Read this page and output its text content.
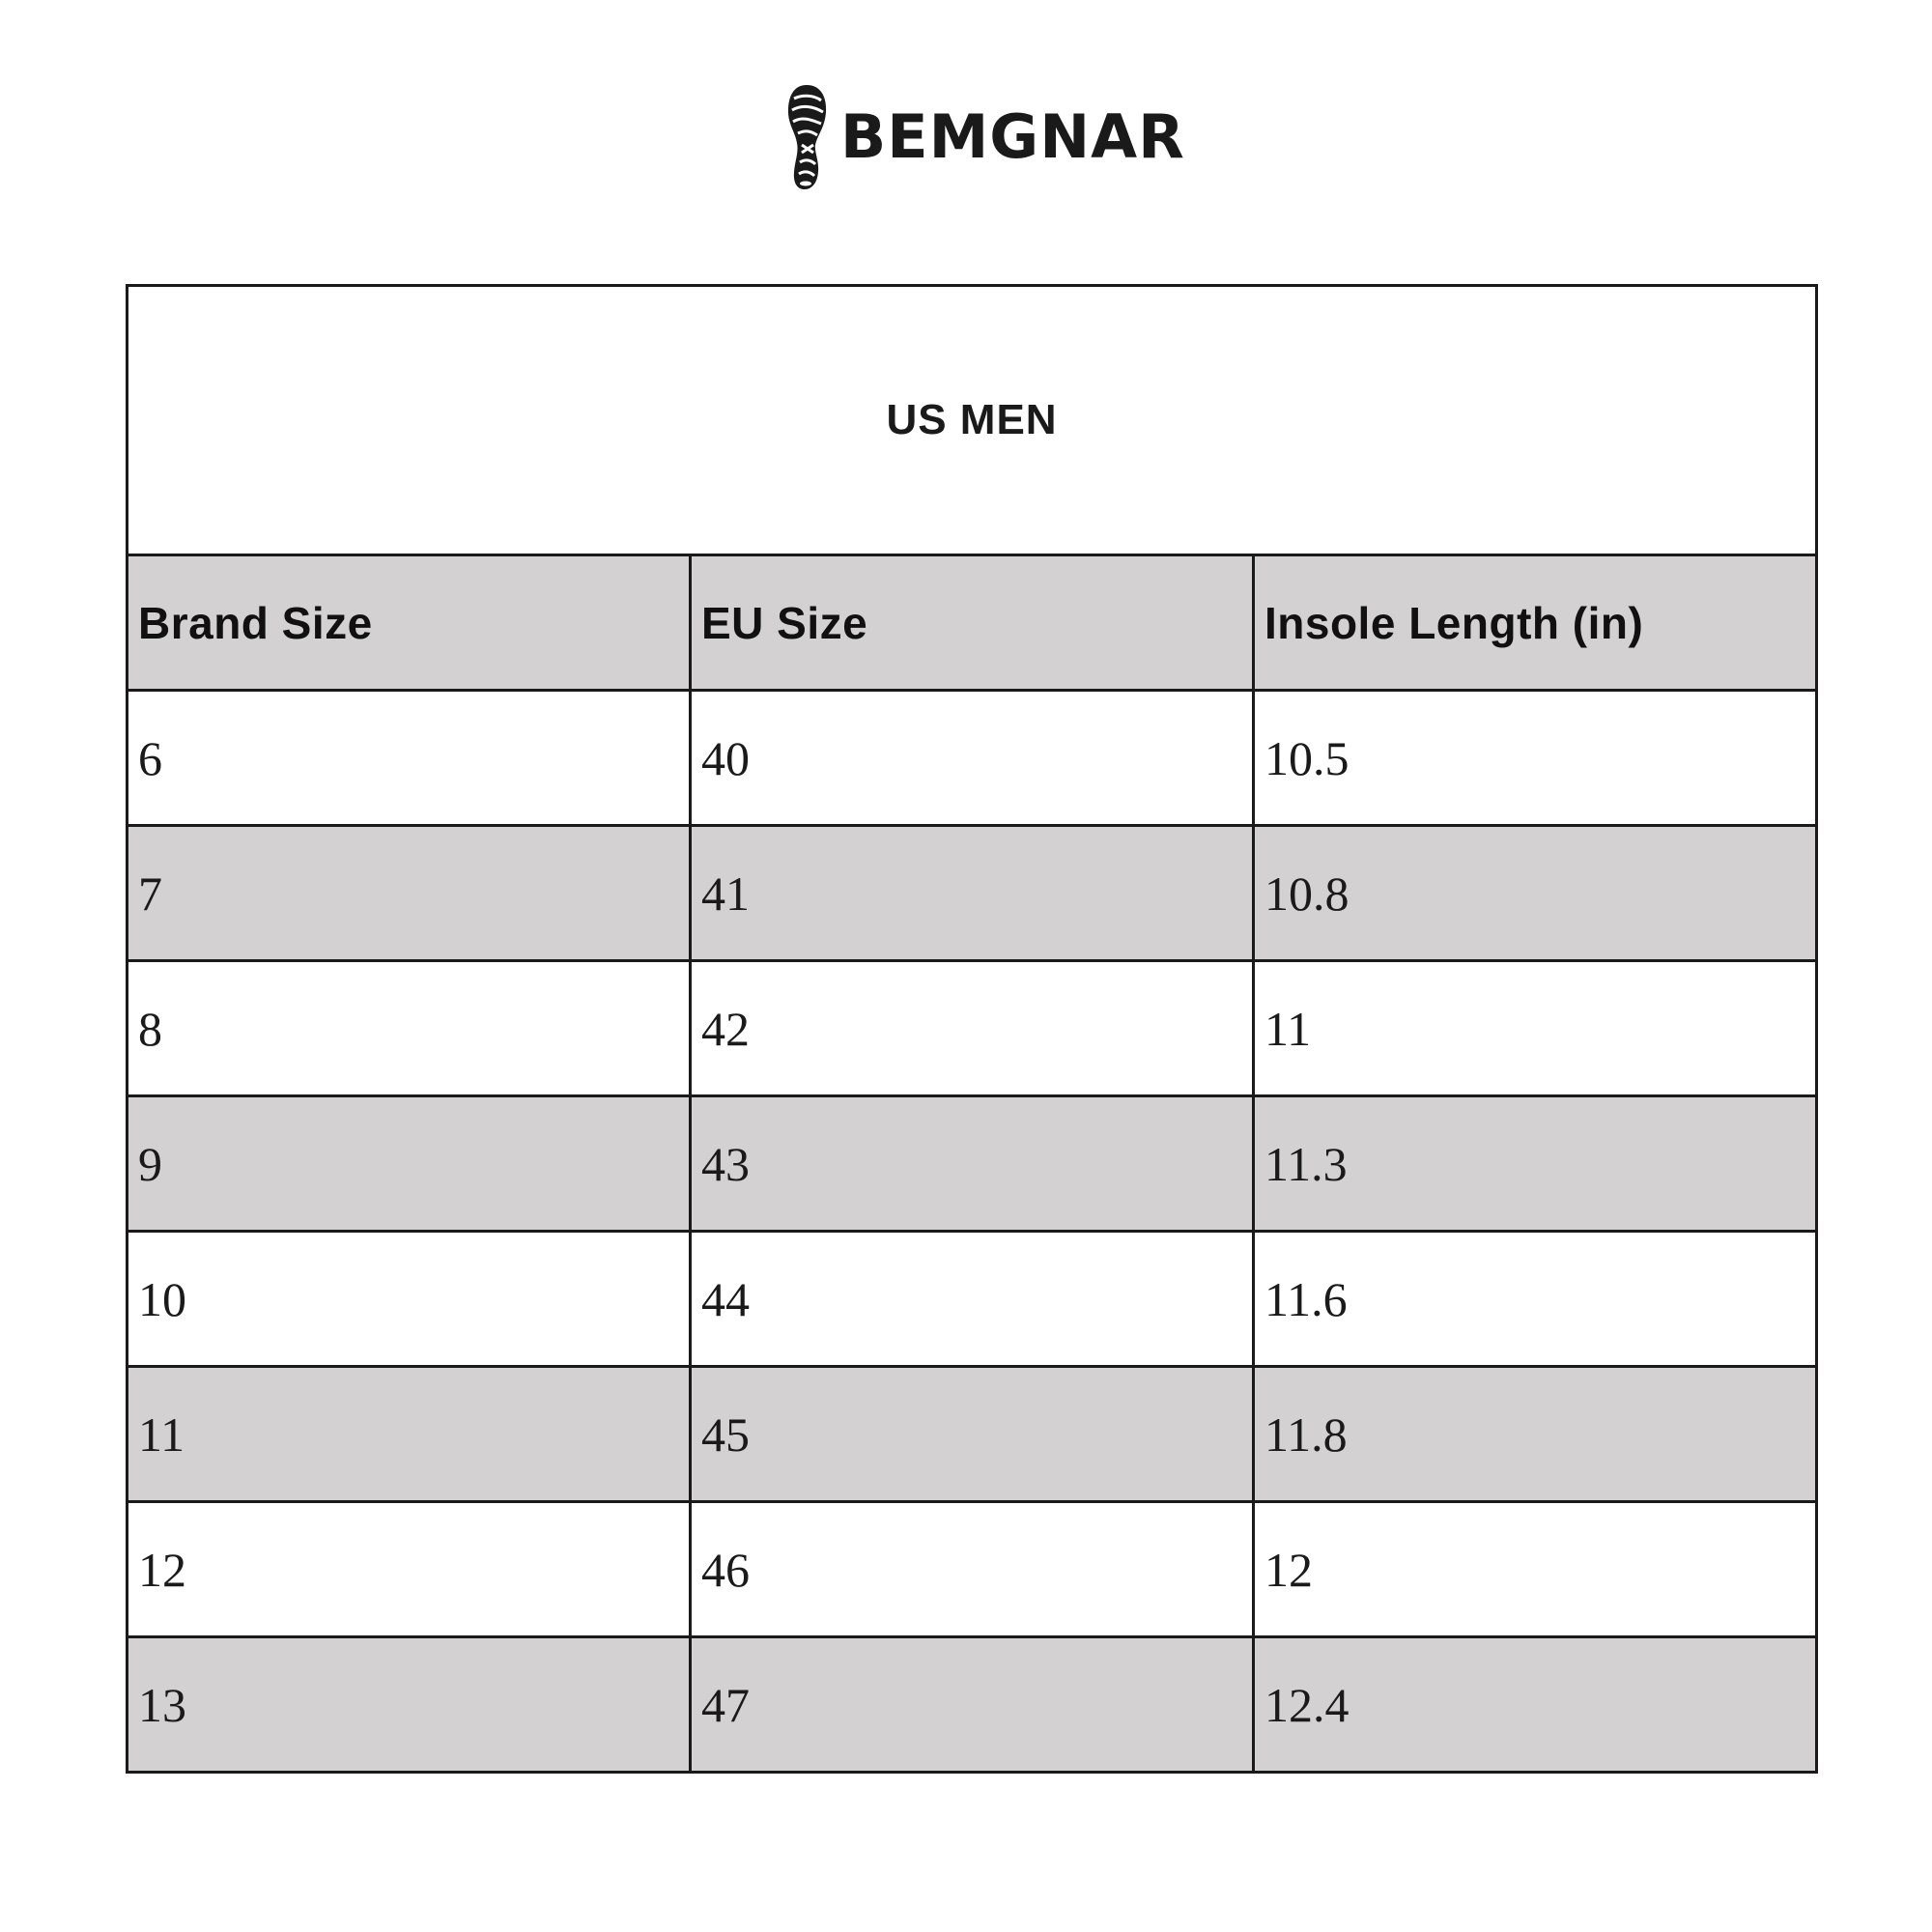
BEMGNAR
US MEN		
Brand Size	EU Size	Insole Length (in)
6	40	10.5
7	41	10.8
8	42	11
9	43	11.3
10	44	11.6
11	45	11.8
12	46	12
13	47	12.4
